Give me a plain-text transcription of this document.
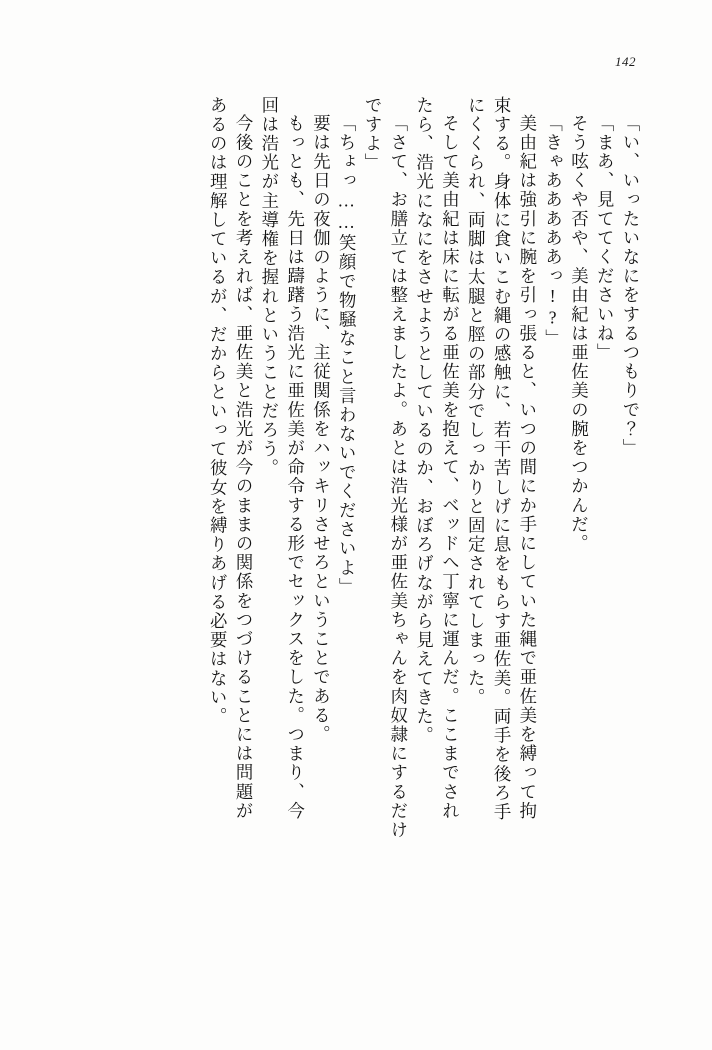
142
「い、いったいなにをするつもりで？」
「まあ、見ててくださいね」
そう呟くや否や、美由紀は亜佐美の腕をつかんだ。
「きゃあああああっ!?」
美由紀は強引に腕を引っ張ると、いつの間にか手にしていた縄で亜佐美を縛って拘
束する。身体に食いこむ縄の感触に、若干苦しげに息をもらす亜佐美。両手を後ろ手
にくくられ、両脚は太腿と脛の部分でしっかりと固定されてしまった。
そして美由紀は床に転がる亜佐美を抱えて、ベッドへ丁寧に運んだ。ここまでされ
たら、浩光になにをさせようとしているのか、おぼろげながら見えてきた。
「さて、お膳立ては整えましたよ。あとは浩光様が亜佐美ちゃんを肉奴隷にするだけ
ですよ」
「ちょっ……笑顔で物騒なこと言わないでくださいよ」
要は先日の夜伽のように、主従関係をハッキリさせろということである。
もっとも、先日は躊躇う浩光に亜佐美が命令する形でセックスをした。つまり、今
回は浩光が主導権を握れということだろう。
今後のことを考えれば、亜佐美と浩光が今のままの関係をつづけることには問題が
あるのは理解しているが、だからといって彼女を縛りあげる必要はない。
